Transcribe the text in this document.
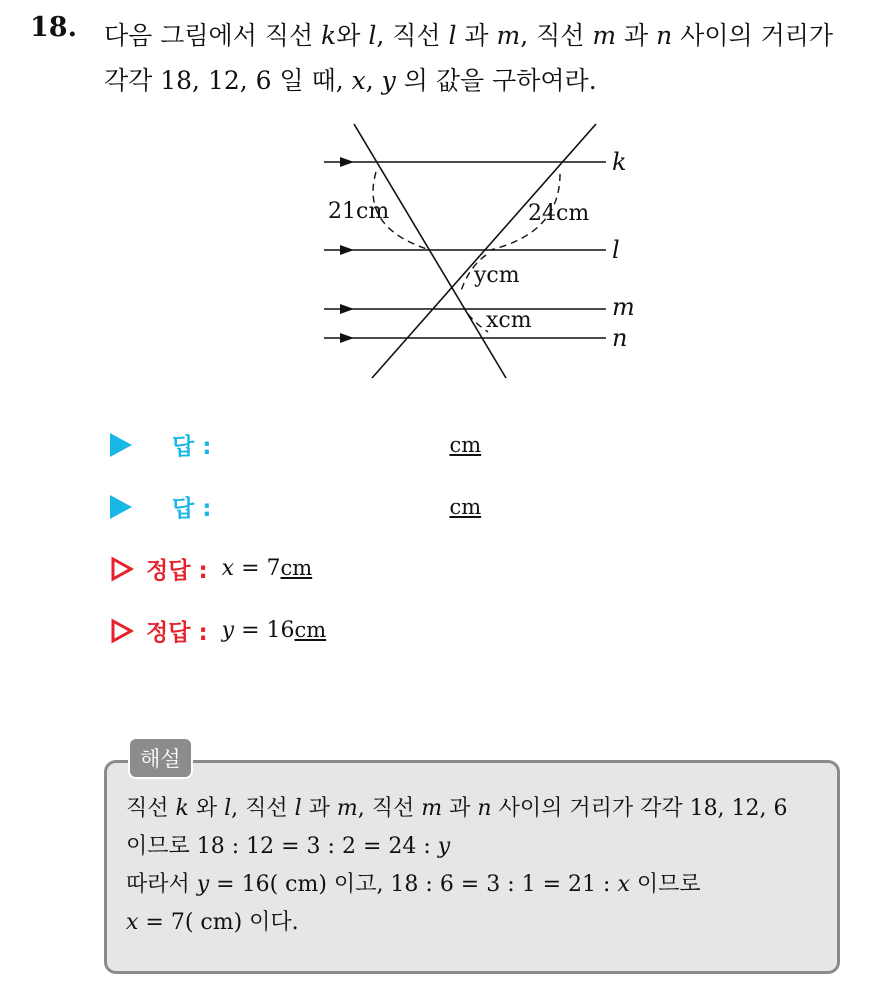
18. 다음 그림에서 직선 k와 l, 직선 l 과 m, 직선 m 과 n 사이의 거리가
각각 18, 12, 6 일 때, x, y 의 값을 구하여라.
k
l
m
n
21cm	24cm
ycm
xcm
답 :	cm
답 :	cm
정답 : x = 7cm
정답 : y = 16cm
해설
직선 k 와 l, 직선 l 과 m, 직선 m 과 n 사이의 거리가 각각 18, 12, 6
이므로 18 : 12 = 3 : 2 = 24 : y
따라서 y = 16( cm) 이고, 18 : 6 = 3 : 1 = 21 : x 이므로
x = 7( cm) 이다.
